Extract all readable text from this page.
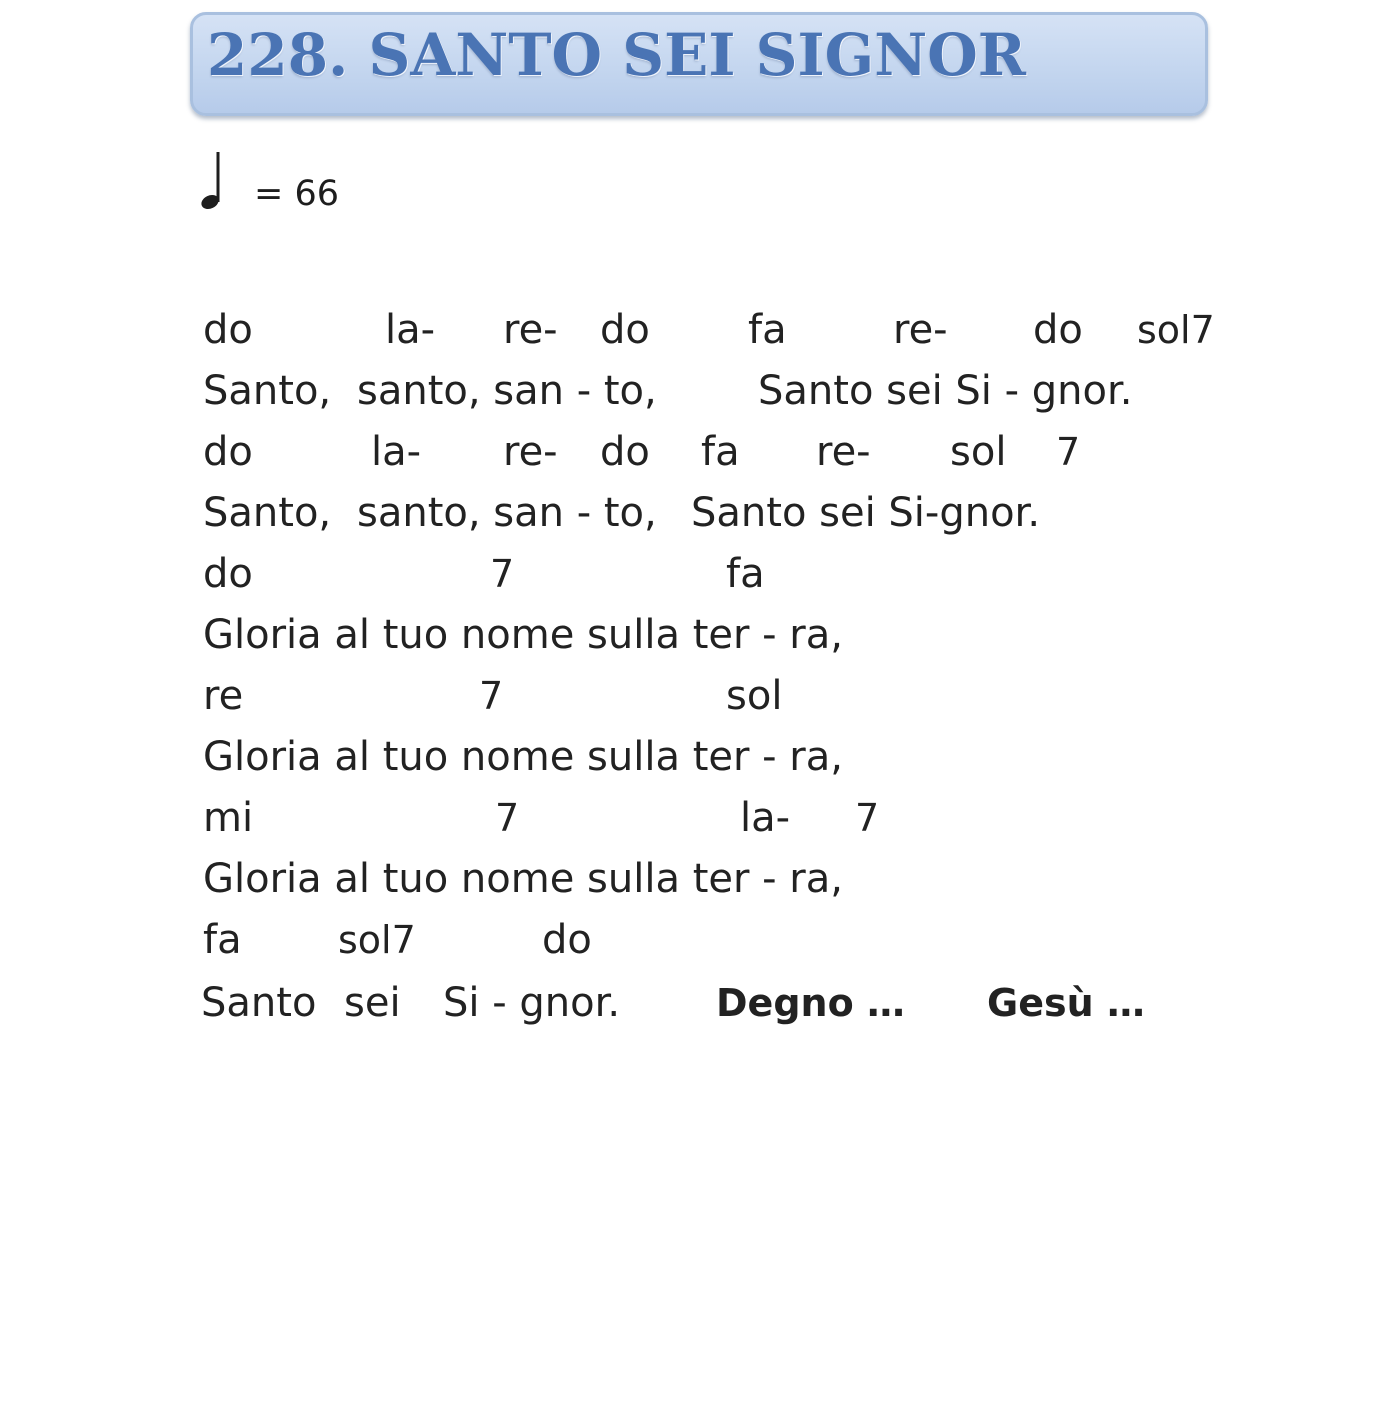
228. SANTO SEI SIGNOR
= 66
do	la- re- do fa	re- do sol7
Santo, santo, san - to,	Santo sei Si - gnor.
do	la- re- do fa re- sol 7
Santo, santo, san - to, Santo sei Si-gnor.
do	7	fa
Gloria al tuo nome sulla ter - ra,
re	7	sol
Gloria al tuo nome sulla ter - ra,
mi	7	la- 7
Gloria al tuo nome sulla ter - ra,
fa	sol7	do
Santo sei Si - gnor.	Degno … Gesù …
